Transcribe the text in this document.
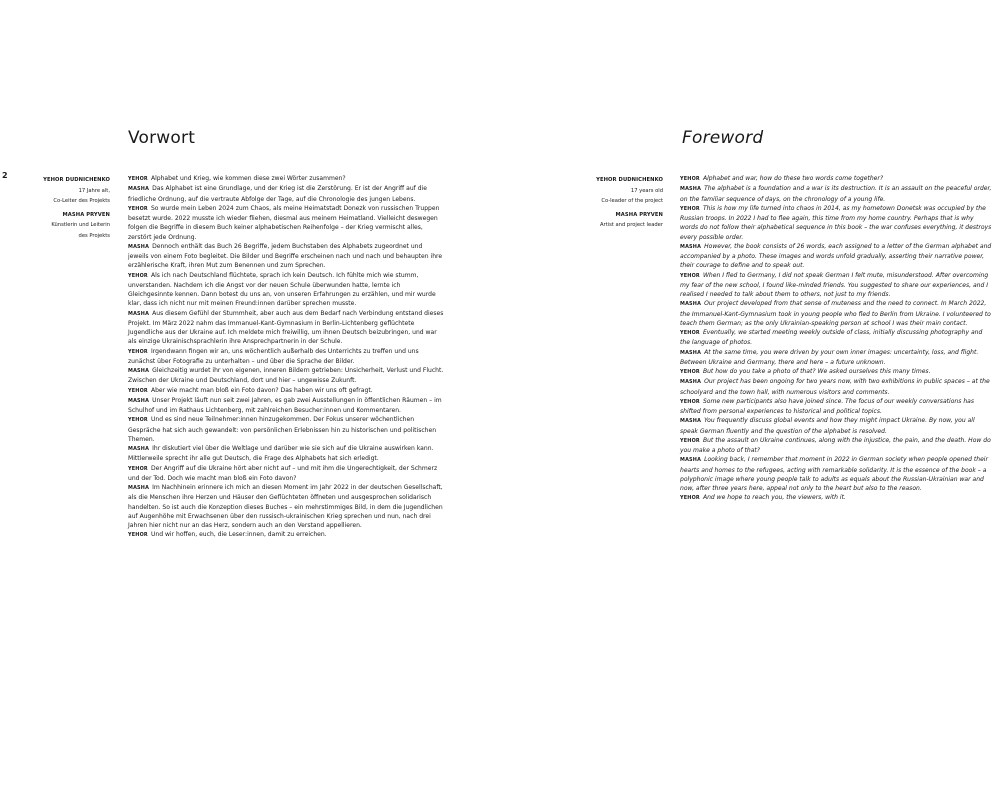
2

Vorwort
YEHOR DUDNICHENKO
17 Jahre alt,
Co-Leiter des Projekts
MASHA PRYVEN
Künstlerin und Leiterin
des Projekts

YEHOR  Alphabet und Krieg, wie kommen diese zwei Wörter zusammen?

MASHA  Das Alphabet ist eine Grundlage, und der Krieg ist die Zerstörung. Er ist der Angriff auf die friedliche Ordnung, auf die vertraute Abfolge der Tage, auf die Chronologie des jungen Lebens.

YEHOR  So wurde mein Leben 2024 zum Chaos, als meine Heimatstadt Donezk von russischen Truppen besetzt wurde. 2022 musste ich wieder fliehen, diesmal aus meinem Heimatland. Vielleicht deswegen folgen die Begriffe in diesem Buch keiner alphabetischen Reihenfolge – der Krieg vermischt alles, zerstört jede Ordnung.

MASHA  Dennoch enthält das Buch 26 Begriffe, jedem Buchstaben des Alphabets zugeordnet und jeweils von einem Foto begleitet. Die Bilder und Begriffe erscheinen nach und nach und behaupten ihre erzählerische Kraft, ihren Mut zum Benennen und zum Sprechen.

YEHOR  Als ich nach Deutschland flüchtete, sprach ich kein Deutsch. Ich fühlte mich wie stumm, unverstanden. Nachdem ich die Angst vor der neuen Schule überwunden hatte, lernte ich Gleichgesinnte kennen. Dann botest du uns an, von unseren Erfahrungen zu erzählen, und mir wurde klar, dass ich nicht nur mit meinen Freund:innen darüber sprechen musste.

MASHA  Aus diesem Gefühl der Stummheit, aber auch aus dem Bedarf nach Verbindung entstand dieses Projekt. Im März 2022 nahm das Immanuel-Kant-Gymnasium in Berlin-Lichtenberg geflüchtete Jugendliche aus der Ukraine auf. Ich meldete mich freiwillig, um ihnen Deutsch beizubringen, und war als einzige Ukrainischsprachlerin ihre Ansprechpartnerin in der Schule.

YEHOR  Irgendwann fingen wir an, uns wöchentlich außerhalb des Unterrichts zu treffen und uns zunächst über Fotografie zu unterhalten – und über die Sprache der Bilder.

MASHA  Gleichzeitig wurdet ihr von eigenen, inneren Bildern getrieben: Unsicherheit, Verlust und Flucht. Zwischen der Ukraine und Deutschland, dort und hier – ungewisse Zukunft.

YEHOR  Aber wie macht man bloß ein Foto davon? Das haben wir uns oft gefragt.

MASHA  Unser Projekt läuft nun seit zwei Jahren, es gab zwei Ausstellungen in öffentlichen Räumen – im Schulhof und im Rathaus Lichtenberg, mit zahlreichen Besucher:innen und Kommentaren.

YEHOR  Und es sind neue Teilnehmer:innen hinzugekommen. Der Fokus unserer wöchentlichen Gespräche hat sich auch gewandelt: von persönlichen Erlebnissen hin zu historischen und politischen Themen.

MASHA  Ihr diskutiert viel über die Weltlage und darüber wie sie sich auf die Ukraine auswirken kann. Mittlerweile sprecht ihr alle gut Deutsch, die Frage des Alphabets hat sich erledigt.

YEHOR  Der Angriff auf die Ukraine hört aber nicht auf – und mit ihm die Ungerechtigkeit, der Schmerz und der Tod. Doch wie macht man bloß ein Foto davon?

MASHA  Im Nachhinein erinnere ich mich an diesen Moment im Jahr 2022 in der deutschen Gesellschaft, als die Menschen ihre Herzen und Häuser den Geflüchteten öffneten und ausgesprochen solidarisch handelten. So ist auch die Konzeption dieses Buches – ein mehrstimmiges Bild, in dem die Jugendlichen auf Augenhöhe mit Erwachsenen über den russisch-ukrainischen Krieg sprechen und nun, nach drei Jahren hier nicht nur an das Herz, sondern auch an den Verstand appellieren.

YEHOR  Und wir hoffen, euch, die Leser:innen, damit zu erreichen.

Foreword
YEHOR DUDNICHENKO
17 years old
Co-leader of the project
MASHA PRYVEN
Artist and project leader

YEHOR  Alphabet and war, how do these two words come together?

MASHA  The alphabet is a foundation and a war is its destruction. It is an assault on the peaceful order, on the familiar sequence of days, on the chronology of a young life.

YEHOR  This is how my life turned into chaos in 2014, as my hometown Donetsk was occupied by the Russian troops. In 2022 I had to flee again, this time from my home country. Perhaps that is why words do not follow their alphabetical sequence in this book – the war confuses everything, it destroys every possible order.

MASHA  However, the book consists of 26 words, each assigned to a letter of the German alphabet and accompanied by a photo. These images and words unfold gradually, asserting their narrative power, their courage to define and to speak out.

YEHOR  When I fled to Germany, I did not speak German I felt mute, misunderstood. After overcoming my fear of the new school, I found like-minded friends. You suggested to share our experiences, and I realised I needed to talk about them to others, not just to my friends.

MASHA  Our project developed from that sense of muteness and the need to connect. In March 2022, the Immanuel-Kant-Gymnasium took in young people who fled to Berlin from Ukraine. I volunteered to teach them German; as the only Ukrainian-speaking person at school I was their main contact.

YEHOR  Eventually, we started meeting weekly outside of class, initially discussing photography and the language of photos.

MASHA  At the same time, you were driven by your own inner images: uncertainty, loss, and flight. Between Ukraine and Germany, there and here – a future unknown.

YEHOR  But how do you take a photo of that? We asked ourselves this many times.

MASHA  Our project has been ongoing for two years now, with two exhibitions in public spaces – at the schoolyard and the town hall, with numerous visitors and comments.

YEHOR  Some new participants also have joined since. The focus of our weekly conversations has shifted from personal experiences to historical and political topics.

MASHA  You frequently discuss global events and how they might impact Ukraine. By now, you all speak German fluently and the question of the alphabet is resolved.

YEHOR  But the assault on Ukraine continues, along with the injustice, the pain, and the death. How do you make a photo of that?

MASHA  Looking back, I remember that moment in 2022 in German society when people opened their hearts and homes to the refugees, acting with remarkable solidarity. It is the essence of the book – a polyphonic image where young people talk to adults as equals about the Russian-Ukrainian war and now, after three years here, appeal not only to the heart but also to the reason.

YEHOR  And we hope to reach you, the viewers, with it.
